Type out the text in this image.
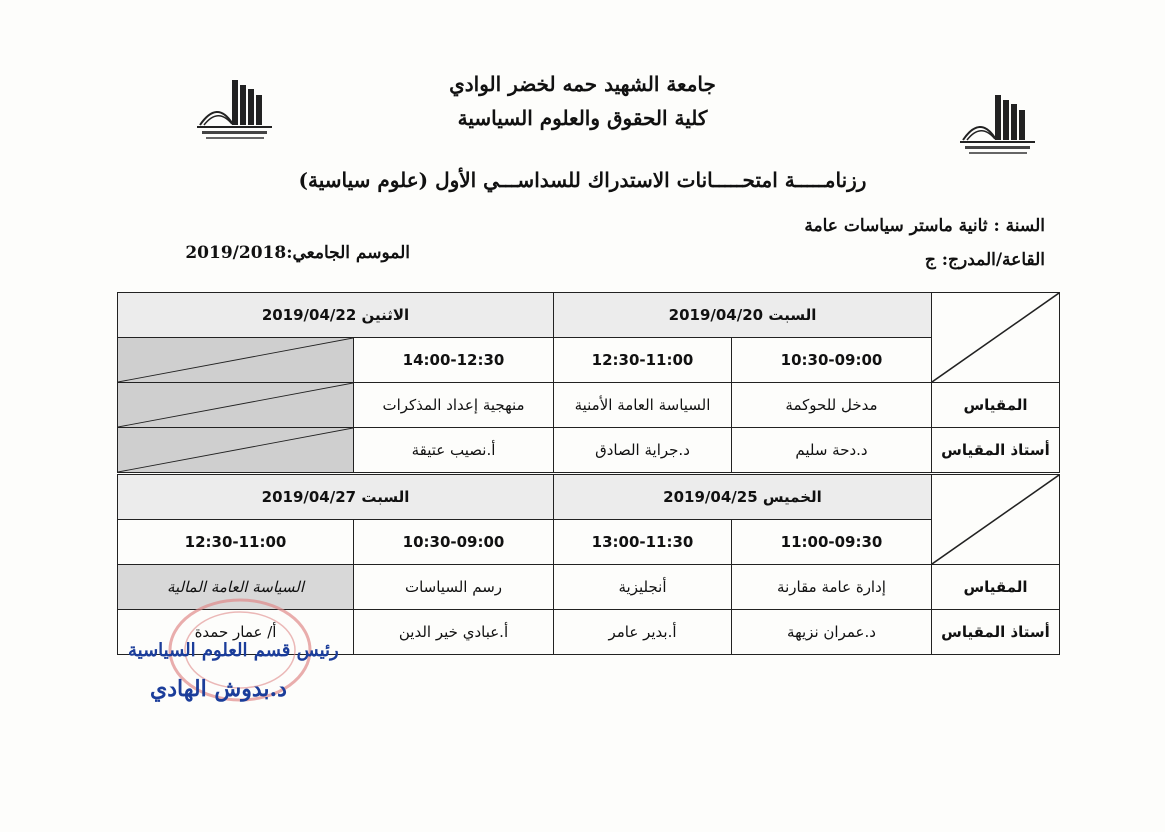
جامعة الشهيد حمه لخضر الوادي
كلية الحقوق والعلوم السياسية
رزنامـــــة امتحـــــانات الاستدراك للسداســـي الأول (علوم سياسية)
السنة : ثانية ماستر سياسات عامة
القاعة/المدرج: ج
الموسم الجامعي:2019/2018
	السبت 2019/04/20		الاثنين 2019/04/22	
	10:30-09:00	12:30-11:00	14:00-12:30	

المقياس	مدخل للحوكمة	السياسة العامة الأمنية	منهجية إعداد المذكرات	

أستاذ المقياس	د.دحة سليم	د.جراية الصادق	أ.نصيب عتيقة	
	الخميس 2019/04/25		السبت 2019/04/27	
	11:00-09:30	13:00-11:30	10:30-09:00	12:30-11:00
المقياس	إدارة عامة مقارنة	أنجليزية	رسم السياسات	السياسة العامة المالية
أستاذ المقياس	د.عمران نزيهة	أ.بدير عامر	أ.عبادي خير الدين	أ/ عمار حمدة
رئيس قسم العلوم السياسية
د.بدوش الهادي
